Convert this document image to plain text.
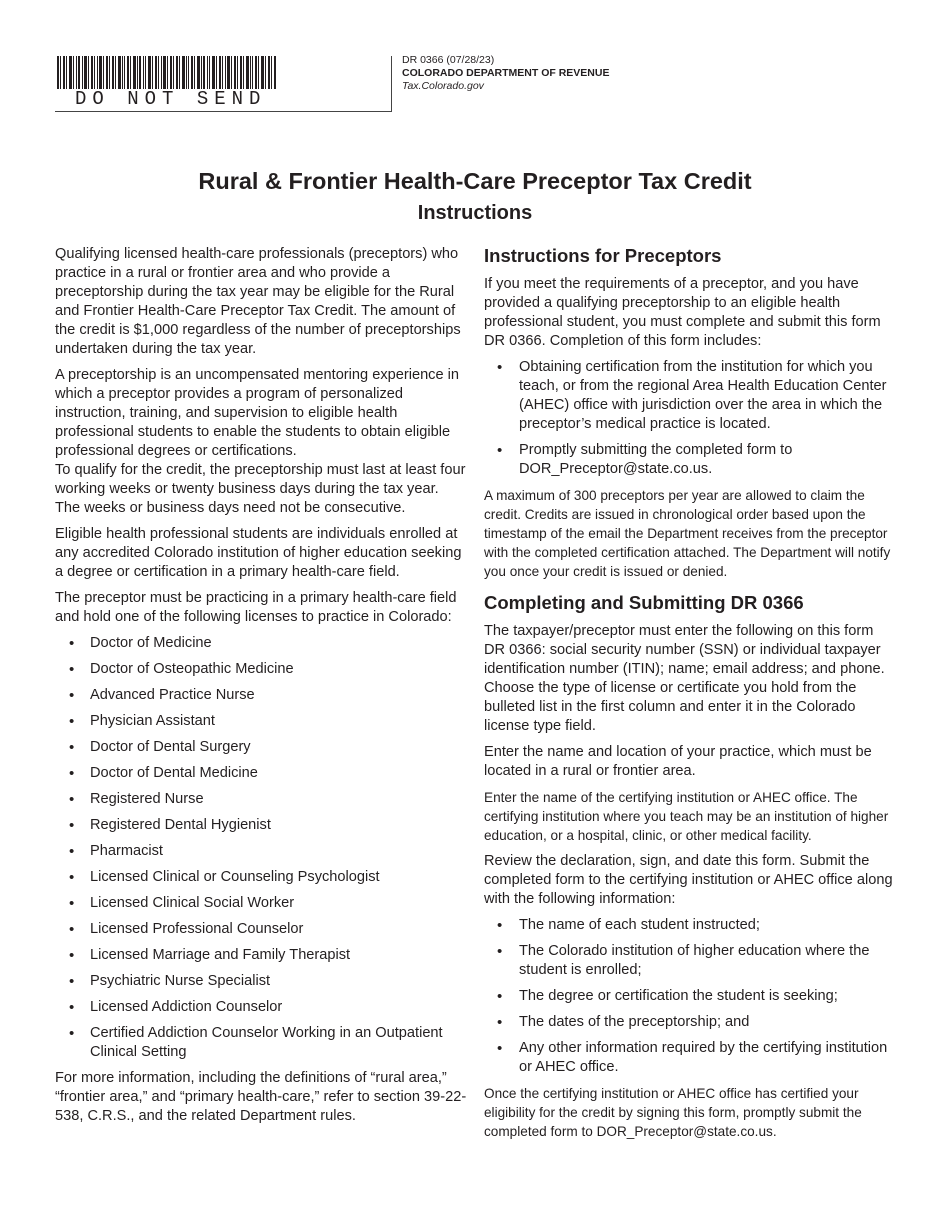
DO NOT SEND
DR 0366 (07/28/23)
COLORADO DEPARTMENT OF REVENUE
Tax.Colorado.gov
Rural & Frontier Health-Care Preceptor Tax Credit
Instructions

Qualifying licensed health-care professionals (preceptors) who practice in a rural or frontier area and who provide a preceptorship during the tax year may be eligible for the Rural and Frontier Health-Care Preceptor Tax Credit. The amount of the credit is $1,000 regardless of the number of preceptorships undertaken during the tax year.

A preceptorship is an uncompensated mentoring experience in which a preceptor provides a program of personalized instruction, training, and supervision to eligible health professional students to enable the students to obtain eligible professional degrees or certifications.

To qualify for the credit, the preceptorship must last at least four working weeks or twenty business days during the tax year. The weeks or business days need not be consecutive.

Eligible health professional students are individuals enrolled at any accredited Colorado institution of higher education seeking a degree or certification in a primary health-care field.

The preceptor must be practicing in a primary health-care field and hold one of the following licenses to practice in Colorado:

• Doctor of Medicine
• Doctor of Osteopathic Medicine
• Advanced Practice Nurse
• Physician Assistant
• Doctor of Dental Surgery
• Doctor of Dental Medicine
• Registered Nurse
• Registered Dental Hygienist
• Pharmacist
• Licensed Clinical or Counseling Psychologist
• Licensed Clinical Social Worker
• Licensed Professional Counselor
• Licensed Marriage and Family Therapist
• Psychiatric Nurse Specialist
• Licensed Addiction Counselor
• Certified Addiction Counselor Working in an Outpatient Clinical Setting

For more information, including the definitions of “rural area,” “frontier area,” and “primary health-care,” refer to section 39-22-538, C.R.S., and the related Department rules.

Instructions for Preceptors

If you meet the requirements of a preceptor, and you have provided a qualifying preceptorship to an eligible health professional student, you must complete and submit this form DR 0366. Completion of this form includes:

• Obtaining certification from the institution for which you teach, or from the regional Area Health Education Center (AHEC) office with jurisdiction over the area in which the preceptor’s medical practice is located.
• Promptly submitting the completed form to DOR_Preceptor@state.co.us.

A maximum of 300 preceptors per year are allowed to claim the credit. Credits are issued in chronological order based upon the timestamp of the email the Department receives from the preceptor with the completed certification attached. The Department will notify you once your credit is issued or denied.

Completing and Submitting DR 0366

The taxpayer/preceptor must enter the following on this form DR 0366: social security number (SSN) or individual taxpayer identification number (ITIN); name; email address; and phone. Choose the type of license or certificate you hold from the bulleted list in the first column and enter it in the Colorado license type field.

Enter the name and location of your practice, which must be located in a rural or frontier area.

Enter the name of the certifying institution or AHEC office. The certifying institution where you teach may be an institution of higher education, or a hospital, clinic, or other medical facility.

Review the declaration, sign, and date this form. Submit the completed form to the certifying institution or AHEC office along with the following information:

• The name of each student instructed;
• The Colorado institution of higher education where the student is enrolled;
• The degree or certification the student is seeking;
• The dates of the preceptorship; and
• Any other information required by the certifying institution or AHEC office.

Once the certifying institution or AHEC office has certified your eligibility for the credit by signing this form, promptly submit the completed form to DOR_Preceptor@state.co.us.
